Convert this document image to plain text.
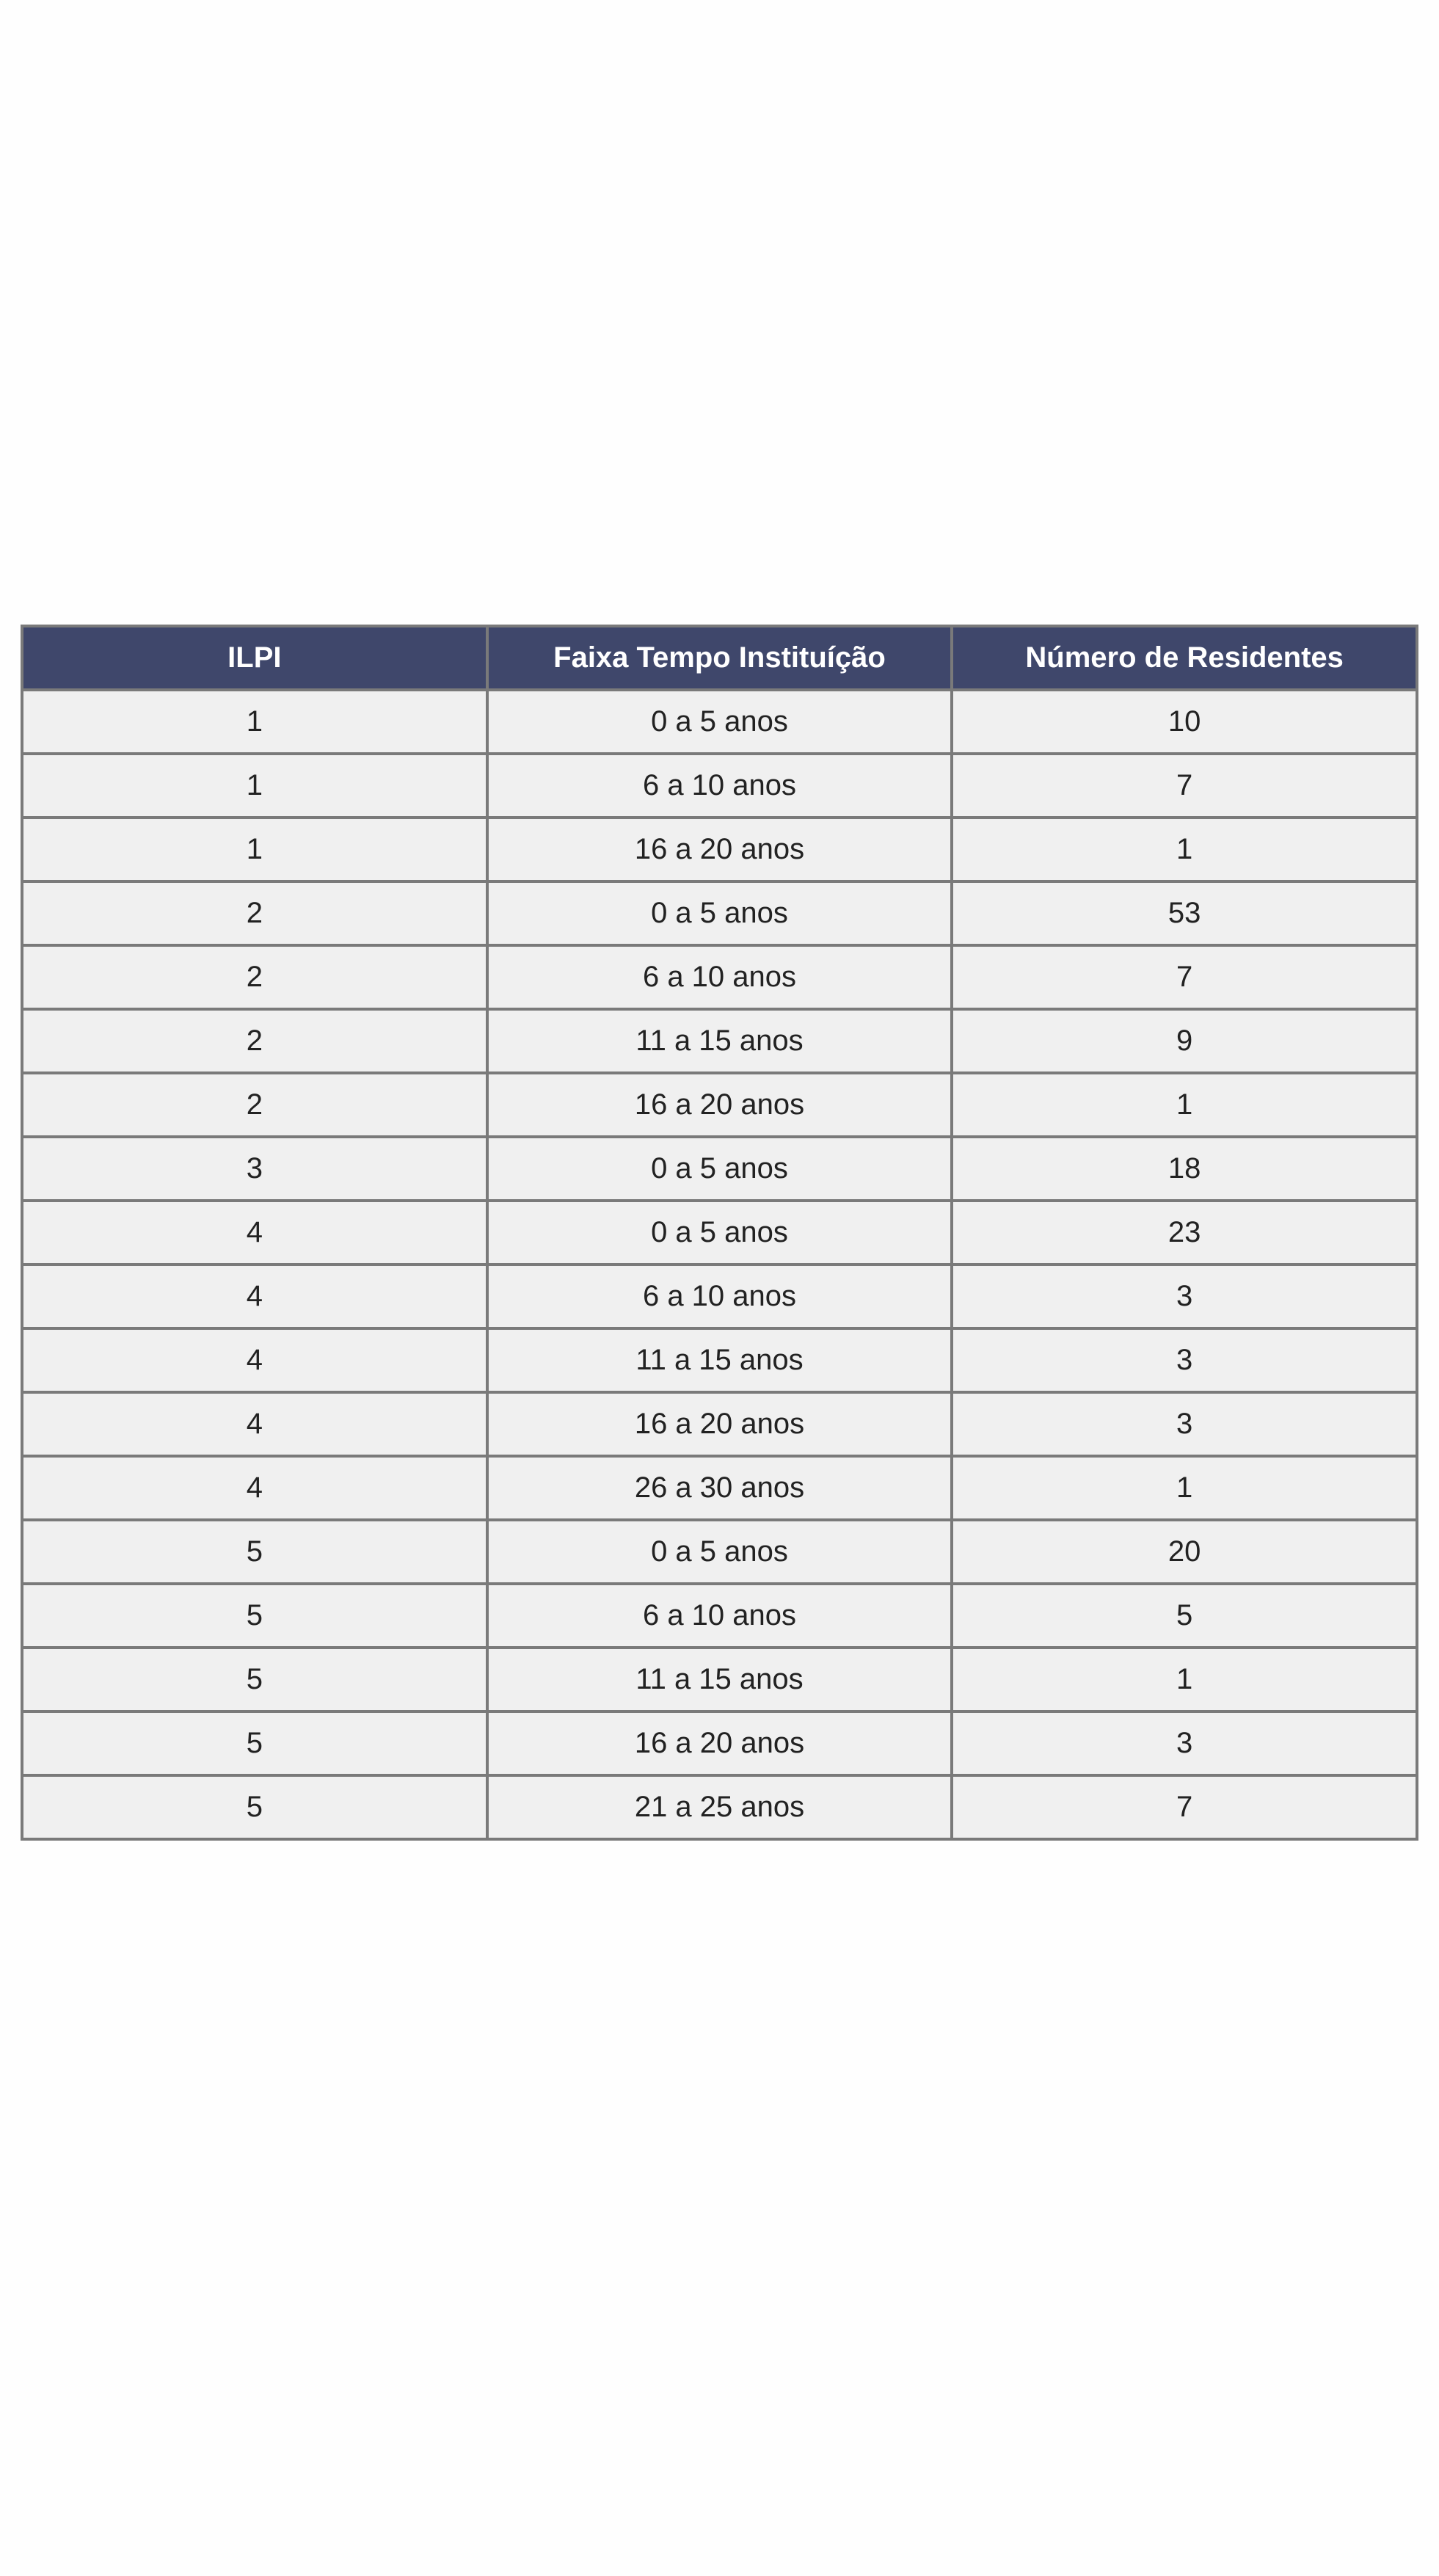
ILPI	Faixa Tempo Instituíção	Número de Residentes
1	0 a 5 anos	10
1	6 a 10 anos	7
1	16 a 20 anos	1
2	0 a 5 anos	53
2	6 a 10 anos	7
2	11 a 15 anos	9
2	16 a 20 anos	1
3	0 a 5 anos	18
4	0 a 5 anos	23
4	6 a 10 anos	3
4	11 a 15 anos	3
4	16 a 20 anos	3
4	26 a 30 anos	1
5	0 a 5 anos	20
5	6 a 10 anos	5
5	11 a 15 anos	1
5	16 a 20 anos	3
5	21 a 25 anos	7
